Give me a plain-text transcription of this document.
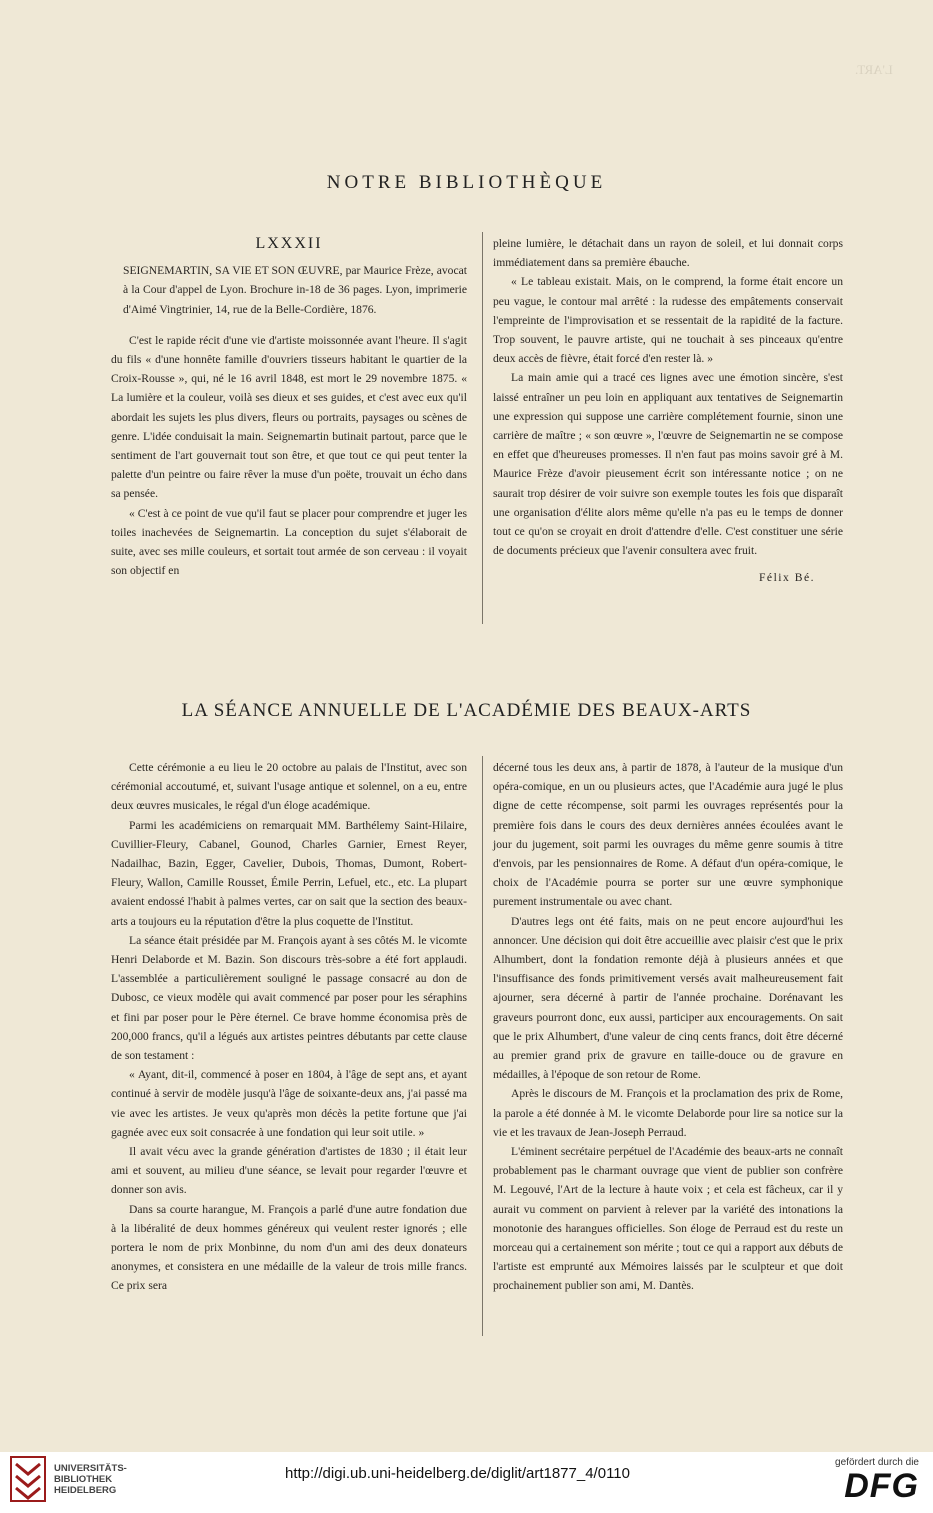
L'ART.
NOTRE BIBLIOTHÈQUE

LXXXII

SEIGNEMARTIN, SA VIE ET SON ŒUVRE, par Maurice Frèze, avocat à la Cour d'appel de Lyon. Brochure in-18 de 36 pages. Lyon, imprimerie d'Aimé Vingtrinier, 14, rue de la Belle-Cordière, 1876.

C'est le rapide récit d'une vie d'artiste moissonnée avant l'heure. Il s'agit du fils « d'une honnête famille d'ouvriers tisseurs habitant le quartier de la Croix-Rousse », qui, né le 16 avril 1848, est mort le 29 novembre 1875. « La lumière et la couleur, voilà ses dieux et ses guides, et c'est avec eux qu'il abordait les sujets les plus divers, fleurs ou portraits, paysages ou scènes de genre. L'idée conduisait la main. Seignemartin butinait partout, parce que le sentiment de l'art gouvernait tout son être, et que tout ce qui peut tenter la palette d'un peintre ou faire rêver la muse d'un poëte, trouvait un écho dans sa pensée.

« C'est à ce point de vue qu'il faut se placer pour comprendre et juger les toiles inachevées de Seignemartin. La conception du sujet s'élaborait de suite, avec ses mille couleurs, et sortait tout armée de son cerveau : il voyait son objectif en

pleine lumière, le détachait dans un rayon de soleil, et lui donnait corps immédiatement dans sa première ébauche.

« Le tableau existait. Mais, on le comprend, la forme était encore un peu vague, le contour mal arrêté : la rudesse des empâtements conservait l'empreinte de l'improvisation et se ressentait de la rapidité de la facture. Trop souvent, le pauvre artiste, qui ne touchait à ses pinceaux qu'entre deux accès de fièvre, était forcé d'en rester là. »

La main amie qui a tracé ces lignes avec une émotion sincère, s'est laissé entraîner un peu loin en appliquant aux tentatives de Seignemartin une expression qui suppose une carrière complétement fournie, sinon une carrière de maître ; « son œuvre », l'œuvre de Seignemartin ne se compose en effet que d'heureuses promesses. Il n'en faut pas moins savoir gré à M. Maurice Frèze d'avoir pieusement écrit son intéressante notice ; on ne saurait trop désirer de voir suivre son exemple toutes les fois que disparaît une organisation d'élite alors même qu'elle n'a pas eu le temps de donner tout ce qu'on se croyait en droit d'attendre d'elle. C'est constituer une série de documents précieux que l'avenir consultera avec fruit.

Félix Bé.

LA SÉANCE ANNUELLE DE L'ACADÉMIE DES BEAUX-ARTS

Cette cérémonie a eu lieu le 20 octobre au palais de l'Institut, avec son cérémonial accoutumé, et, suivant l'usage antique et solennel, on a eu, entre deux œuvres musicales, le régal d'un éloge académique.

Parmi les académiciens on remarquait MM. Barthélemy Saint-Hilaire, Cuvillier-Fleury, Cabanel, Gounod, Charles Garnier, Ernest Reyer, Nadailhac, Bazin, Egger, Cavelier, Dubois, Thomas, Dumont, Robert-Fleury, Wallon, Camille Rousset, Émile Perrin, Lefuel, etc., etc. La plupart avaient endossé l'habit à palmes vertes, car on sait que la section des beaux-arts a toujours eu la réputation d'être la plus coquette de l'Institut.

La séance était présidée par M. François ayant à ses côtés M. le vicomte Henri Delaborde et M. Bazin. Son discours très-sobre a été fort applaudi. L'assemblée a particulièrement souligné le passage consacré au don de Dubosc, ce vieux modèle qui avait commencé par poser pour les séraphins et fini par poser pour le Père éternel. Ce brave homme économisa près de 200,000 francs, qu'il a légués aux artistes peintres débutants par cette clause de son testament :

« Ayant, dit-il, commencé à poser en 1804, à l'âge de sept ans, et ayant continué à servir de modèle jusqu'à l'âge de soixante-deux ans, j'ai passé ma vie avec les artistes. Je veux qu'après mon décès la petite fortune que j'ai gagnée avec eux soit consacrée à une fondation qui leur soit utile. »

Il avait vécu avec la grande génération d'artistes de 1830 ; il était leur ami et souvent, au milieu d'une séance, se levait pour regarder l'œuvre et donner son avis.

Dans sa courte harangue, M. François a parlé d'une autre fondation due à la libéralité de deux hommes généreux qui veulent rester ignorés ; elle portera le nom de prix Monbinne, du nom d'un ami des deux donateurs anonymes, et consistera en une médaille de la valeur de trois mille francs. Ce prix sera

décerné tous les deux ans, à partir de 1878, à l'auteur de la musique d'un opéra-comique, en un ou plusieurs actes, que l'Académie aura jugé le plus digne de cette récompense, soit parmi les ouvrages représentés pour la première fois dans le cours des deux dernières années écoulées avant le jour du jugement, soit parmi les ouvrages du même genre soumis à titre d'envois, par les pensionnaires de Rome. A défaut d'un opéra-comique, le choix de l'Académie pourra se porter sur une œuvre symphonique purement instrumentale ou avec chant.

D'autres legs ont été faits, mais on ne peut encore aujourd'hui les annoncer. Une décision qui doit être accueillie avec plaisir c'est que le prix Alhumbert, dont la fondation remonte déjà à plusieurs années et que l'insuffisance des fonds primitivement versés avait malheureusement fait ajourner, sera décerné à partir de l'année prochaine. Dorénavant les graveurs pourront donc, eux aussi, participer aux encouragements. On sait que le prix Alhumbert, d'une valeur de cinq cents francs, doit être décerné au premier grand prix de gravure en taille-douce ou de gravure en médailles, à l'époque de son retour de Rome.

Après le discours de M. François et la proclamation des prix de Rome, la parole a été donnée à M. le vicomte Delaborde pour lire sa notice sur la vie et les travaux de Jean-Joseph Perraud.

L'éminent secrétaire perpétuel de l'Académie des beaux-arts ne connaît probablement pas le charmant ouvrage que vient de publier son confrère M. Legouvé, l'Art de la lecture à haute voix ; et cela est fâcheux, car il y aurait vu comment on parvient à relever par la variété des intonations la monotonie des harangues officielles. Son éloge de Perraud est du reste un morceau qui a certainement son mérite ; tout ce qui a rapport aux débuts de l'artiste est emprunté aux Mémoires laissés par le sculpteur et que doit prochainement publier son ami, M. Dantès.

UNIVERSITÄTS-
BIBLIOTHEK
HEIDELBERG
http://digi.ub.uni-heidelberg.de/diglit/art1877_4/0110
gefördert durch die
DFG
